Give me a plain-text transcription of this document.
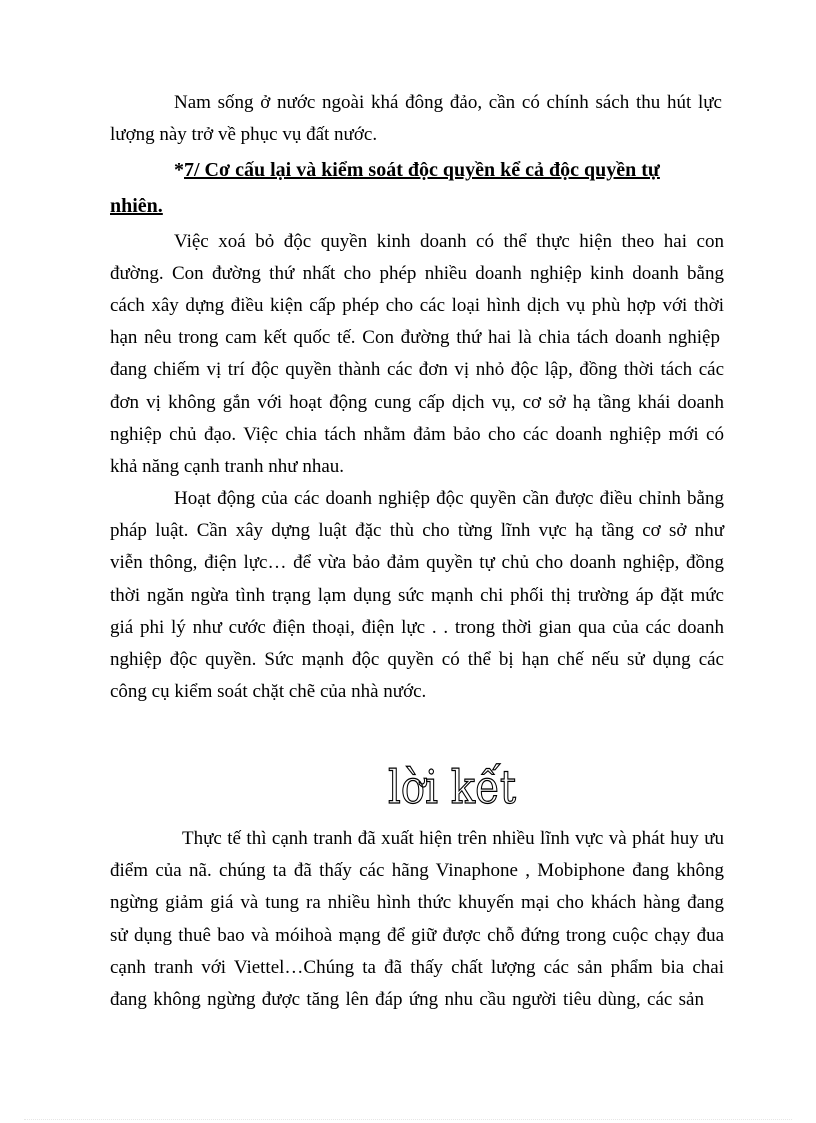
Nam sống ở nước ngoài khá đông đảo, cần có chính sách thu hút lực
lượng này trở về phục vụ đất nước.
*7/ Cơ cấu lại và kiểm soát độc quyền kể cả độc quyền tự
nhiên.
Việc xoá bỏ độc quyền kinh doanh có thể thực hiện theo hai con
đường. Con đường thứ nhất cho phép nhiều doanh nghiệp kinh doanh bằng
cách xây dựng điều kiện cấp phép cho các loại hình dịch vụ phù hợp với thời
hạn nêu trong cam kết quốc tế. Con đường thứ hai là chia tách doanh nghiệp
đang chiếm vị trí độc quyền thành các đơn vị nhỏ độc lập, đồng thời tách các
đơn vị không gắn với hoạt động cung cấp dịch vụ, cơ sở hạ tầng khái doanh
nghiệp chủ đạo. Việc chia tách nhằm đảm bảo cho các doanh nghiệp mới có
khả năng cạnh tranh như nhau.
Hoạt động của các doanh nghiệp độc quyền cần được điều chỉnh bằng
pháp luật. Cần xây dựng luật đặc thù cho từng lĩnh vực hạ tầng cơ sở như
viễn thông, điện lực… để vừa bảo đảm quyền tự chủ cho doanh nghiệp, đồng
thời ngăn ngừa tình trạng lạm dụng sức mạnh chi phối thị trường áp đặt mức
giá phi lý như cước điện thoại, điện lực . . trong thời gian qua của các doanh
nghiệp độc quyền. Sức mạnh độc quyền có thể bị hạn chế nếu sử dụng các
công cụ kiểm soát chặt chẽ của nhà nước.
lời kết
Thực tế thì cạnh tranh đã xuất hiện trên nhiều lĩnh vực và phát huy ưu
điểm của nã. chúng ta đã thấy các hãng Vinaphone , Mobiphone đang không
ngừng giảm giá và tung ra nhiều hình thức khuyến mại cho khách hàng đang
sử dụng thuê bao và móihoà mạng để giữ được chỗ đứng trong cuộc chạy đua
cạnh tranh với Viettel…Chúng ta đã thấy chất lượng các sản phẩm bia chai
đang không ngừng được tăng lên đáp ứng nhu cầu người tiêu dùng, các sản
